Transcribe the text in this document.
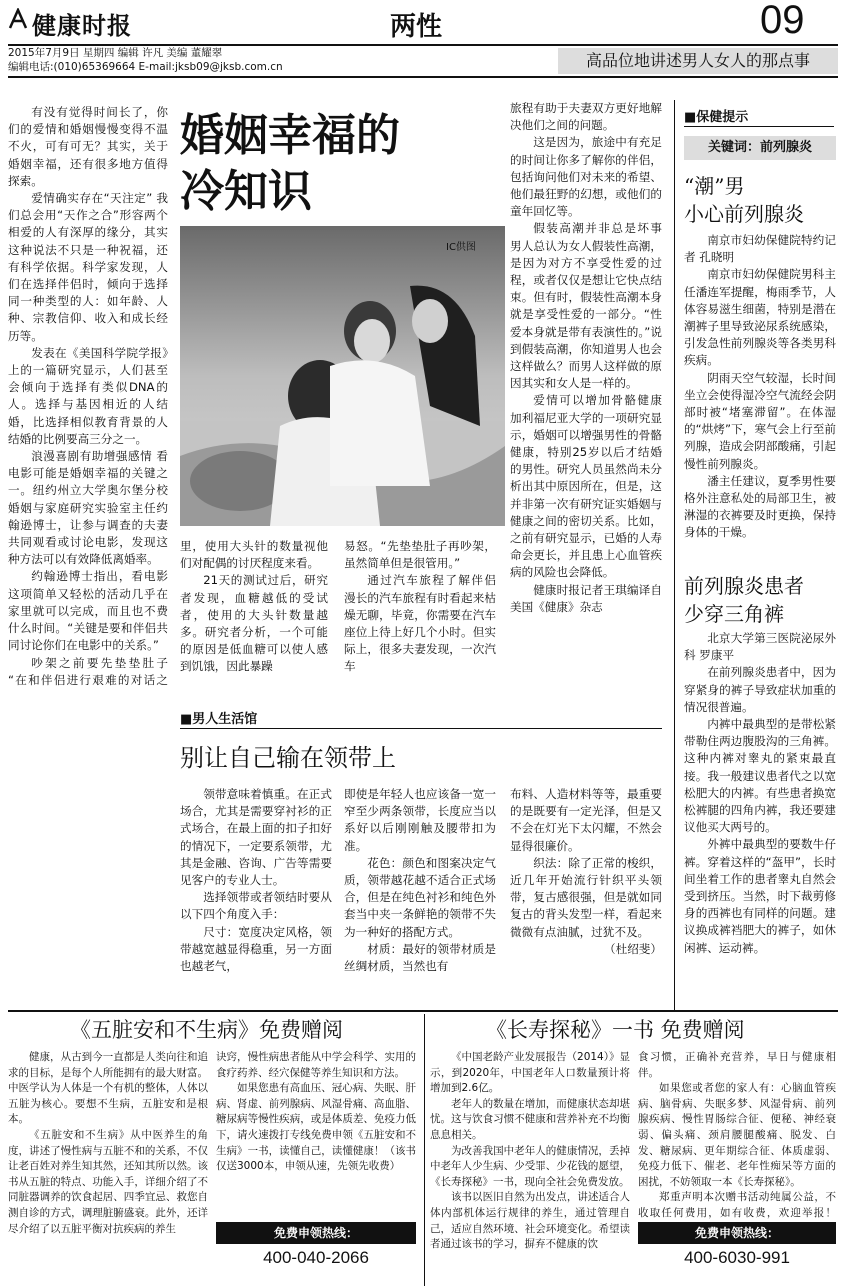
健康时报	两性	09
2015年7月9日 星期四 编辑 许凡 美编 董耀翠
编辑电话:(010)65369664 E-mail:jksb09@jksb.com.cn	高品位地讲述男人女人的那点事

有没有觉得时间长了，你们的爱情和婚姻慢慢变得不温不火，可有可无？其实，关于婚姻幸福，还有很多地方值得探索。

爱情确实存在“天注定” 我们总会用“天作之合”形容两个相爱的人有深厚的缘分，其实这种说法不只是一种祝福，还有科学依据。科学家发现，人们在选择伴侣时，倾向于选择同一种类型的人：如年龄、人种、宗教信仰、收入和成长经历等。

发表在《美国科学院学报》上的一篇研究显示，人们甚至会倾向于选择有类似DNA的人。选择与基因相近的人结婚，比选择相似教育背景的人结婚的比例要高三分之一。

浪漫喜剧有助增强感情 看电影可能是婚姻幸福的关键之一。纽约州立大学奥尔堡分校婚姻与家庭研究实验室主任约翰逊博士，让参与调查的夫妻共同观看或讨论电影，发现这种方法可以有效降低离婚率。

约翰逊博士指出，看电影这项简单又轻松的活动几乎在家里就可以完成，而且也不费什么时间。“关键是要和伴侣共同讨论你们在电影中的关系。”

吵架之前要先垫垫肚子 “在和伴侣进行艰难的对话之

婚姻幸福的
冷知识
IC供图

里，使用大头针的数量视他们对配偶的讨厌程度来看。

21天的测试过后，研究者发现，血糖越低的受试者，使用的大头针数量越多。研究者分析，一个可能的原因是低血糖可以使人感到饥饿，因此暴躁

易怒。“先垫垫肚子再吵架，虽然简单但是很管用。”

通过汽车旅程了解伴侣 漫长的汽车旅程有时看起来枯燥无聊，毕竟，你需要在汽车座位上待上好几个小时。但实际上，很多夫妻发现，一次汽车

旅程有助于夫妻双方更好地解决他们之间的问题。

这是因为，旅途中有充足的时间让你多了解你的伴侣，包括询问他们对未来的希望、他们最狂野的幻想，或他们的童年回忆等。

假装高潮并非总是坏事 男人总认为女人假装性高潮，是因为对方不享受性爱的过程，或者仅仅是想让它快点结束。但有时，假装性高潮本身就是享受性爱的一部分。“性爱本身就是带有表演性的。”说到假装高潮，你知道男人也会这样做么？而男人这样做的原因其实和女人是一样的。

爱情可以增加骨骼健康 加利福尼亚大学的一项研究显示，婚姻可以增强男性的骨骼健康，特别25岁以后才结婚的男性。研究人员虽然尚未分析出其中原因所在，但是，这并非第一次有研究证实婚姻与健康之间的密切关系。比如，之前有研究显示，已婚的人寿命会更长，并且患上心血管疾病的风险也会降低。

健康时报记者王琪编译自美国《健康》杂志

■保健提示
关键词：前列腺炎
“潮”男
小心前列腺炎

南京市妇幼保健院特约记者 孔晓明

南京市妇幼保健院男科主任潘连军提醒，梅雨季节，人体容易滋生细菌，特别是潜在潮裤子里导致泌尿系统感染，引发急性前列腺炎等各类男科疾病。

阴雨天空气较湿，长时间坐立会使得湿冷空气流经会阴部时被“堵塞滞留”。在体湿的“烘烤”下，寒气会上行至前列腺，造成会阴部酸痛，引起慢性前列腺炎。

潘主任建议，夏季男性要格外注意私处的局部卫生，被淋湿的衣裤要及时更换，保持身体的干燥。

前列腺炎患者
少穿三角裤

北京大学第三医院泌尿外科 罗康平

在前列腺炎患者中，因为穿紧身的裤子导致症状加重的情况很普遍。

内裤中最典型的是带松紧带勒住两边腹股沟的三角裤。这种内裤对睾丸的紧束最直接。我一般建议患者代之以宽松肥大的内裤。有些患者换宽松裤腿的四角内裤，我还要建议他买大两号的。

外裤中最典型的要数牛仔裤。穿着这样的“盔甲”，长时间坐着工作的患者睾丸自然会受到挤压。当然，时下裁剪修身的西裤也有同样的问题。建议换成裤裆肥大的裤子，如休闲裤、运动裤。

■男人生活馆
别让自己输在领带上

领带意味着慎重。在正式场合，尤其是需要穿衬衫的正式场合，在最上面的扣子扣好的情况下，一定要系领带，尤其是金融、咨询、广告等需要见客户的专业人士。

选择领带或者领结时要从以下四个角度入手：

尺寸：宽度决定风格，领带越宽越显得稳重，另一方面也越老气，

即使是年轻人也应该备一宽一窄至少两条领带，长度应当以系好以后刚刚触及腰带扣为准。

花色：颜色和图案决定气质，领带越花越不适合正式场合，但是在纯色衬衫和纯色外套当中夹一条鲜艳的领带不失为一种好的搭配方式。

材质：最好的领带材质是丝绸材质，当然也有

布料、人造材料等等，最重要的是既要有一定光泽，但是又不会在灯光下太闪耀，不然会显得很廉价。

织法：除了正常的梭织，近几年开始流行针织平头领带，复古感很强，但是就如同复古的背头发型一样，看起来微微有点油腻，过犹不及。

（杜绍斐）

《五脏安和不生病》免费赠阅

健康，从古到今一直都是人类向往和追求的目标，是每个人所能拥有的最大财富。中医学认为人体是一个有机的整体，人体以五脏为核心。要想不生病，五脏安和是根本。

《五脏安和不生病》从中医养生的角度，讲述了慢性病与五脏不和的关系，不仅让老百姓对养生知其然，还知其所以然。该书从五脏的特点、功能入手，详细介绍了不同脏器调养的饮食起居、四季宜忌、救您自测自诊的方式，调理脏腑盛衰。此外，还详尽介绍了以五脏平衡对抗疾病的养生

诀窍，慢性病患者能从中学会科学、实用的食疗药养、经穴保健等养生知识和方法。

如果您患有高血压、冠心病、失眠、肝病、肾虚、前列腺病、风湿骨痛、高血脂、糖尿病等慢性疾病，或是体质差、免疫力低下，请火速拨打专线免费申领《五脏安和不生病》一书，读懂自己，读懂健康！（该书仅送3000本，申领从速，先领先收费）

免费申领热线：
400-040-2066
《长寿探秘》一书 免费赠阅

《中国老龄产业发展报告（2014）》显示，到2020年，中国老年人口数量预计将增加到2.6亿。

老年人的数量在增加，而健康状态却堪忧。这与饮食习惯不健康和营养补充不均衡息息相关。

为改善我国中老年人的健康情况，丢掉中老年人少生病、少受罪、少花钱的愿望，《长寿探秘》一书，现向全社会免费发放。

该书以医旧自然为出发点，讲述适合人体内部机体运行规律的养生，通过管理自己，适应自然环境、社会环境变化。希望读者通过该书的学习，摒弃不健康的饮

食习惯，正确补充营养，早日与健康相伴。

如果您或者您的家人有：心脑血管疾病、脑骨病、失眠多梦、风湿骨病、前列腺疾病、慢性胃肠综合征、便秘、神经衰弱、偏头痛、颈肩腰腿酸痛、脱发、白发、糖尿病、更年期综合征、体质虚弱、免疫力低下、催老、老年性痴呆等方面的困扰，不妨领取一本《长寿探秘》。

郑重声明本次赠书活动纯属公益，不收取任何费用，如有收费，欢迎举报！

免费申领热线：
400-6030-991
